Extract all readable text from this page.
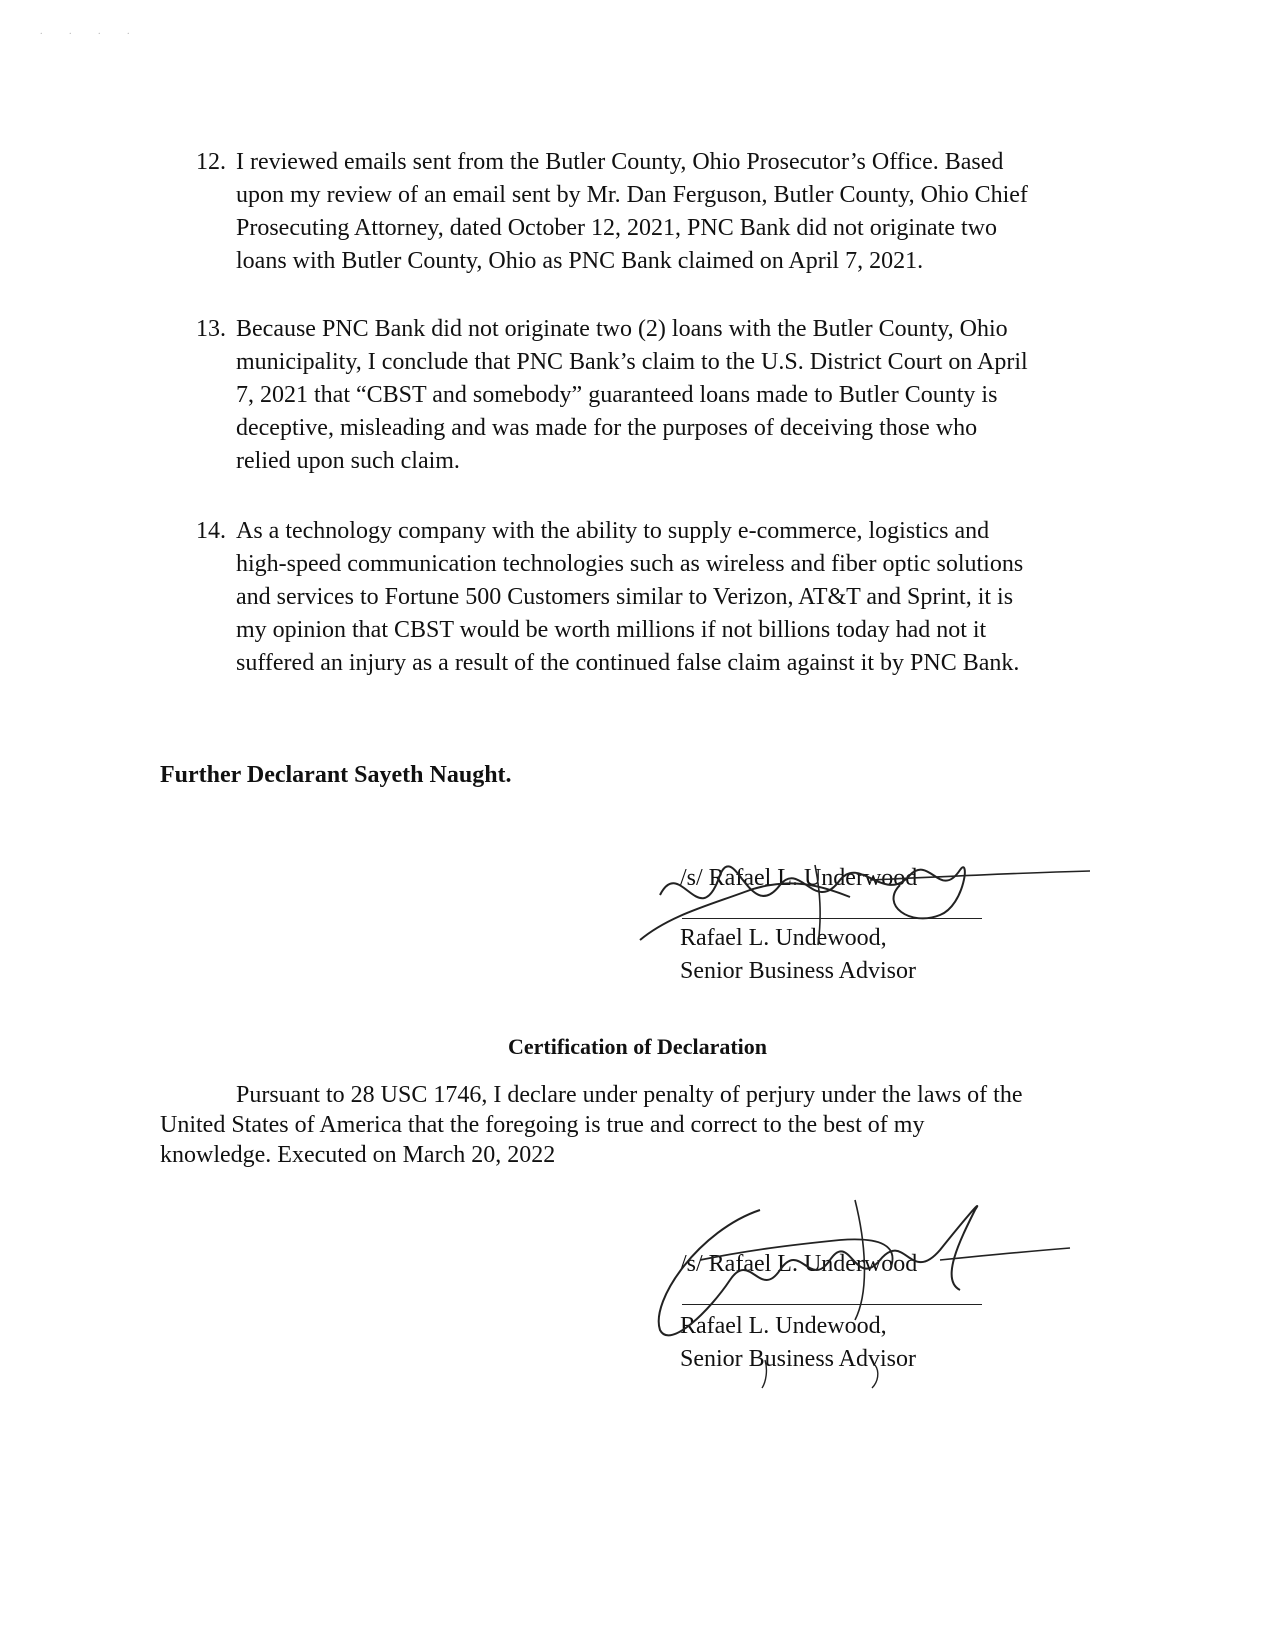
. . . .
12. I reviewed emails sent from the Butler County, Ohio Prosecutor’s Office. Based
upon my review of an email sent by Mr. Dan Ferguson, Butler County, Ohio Chief
Prosecuting Attorney, dated October 12, 2021, PNC Bank did not originate two
loans with Butler County, Ohio as PNC Bank claimed on April 7, 2021.
13. Because PNC Bank did not originate two (2) loans with the Butler County, Ohio
municipality, I conclude that PNC Bank’s claim to the U.S. District Court on April
7, 2021 that “CBST and somebody” guaranteed loans made to Butler County is
deceptive, misleading and was made for the purposes of deceiving those who
relied upon such claim.
14. As a technology company with the ability to supply e-commerce, logistics and
high-speed communication technologies such as wireless and fiber optic solutions
and services to Fortune 500 Customers similar to Verizon, AT&T and Sprint, it is
my opinion that CBST would be worth millions if not billions today had not it
suffered an injury as a result of the continued false claim against it by PNC Bank.
Further Declarant Sayeth Naught.
/s/ Rafael L. Underwood
Rafael L. Undewood,
Senior Business Advisor
Certification of Declaration
Pursuant to 28 USC 1746, I declare under penalty of perjury under the laws of the
United States of America that the foregoing is true and correct to the best of my
knowledge. Executed on March 20, 2022
/s/ Rafael L. Underwood
Rafael L. Undewood,
Senior Business Advisor
